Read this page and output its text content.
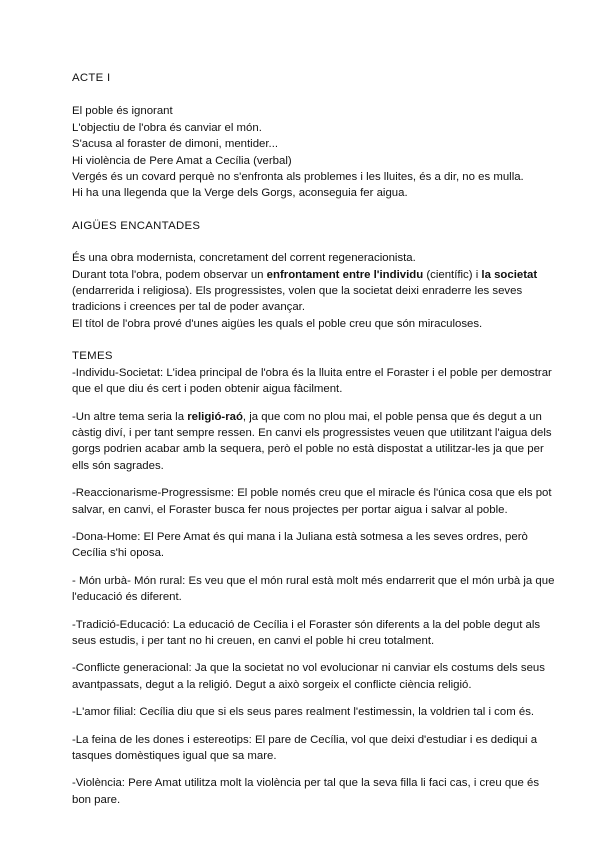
ACTE I
El poble és ignorant
L'objectiu de l'obra és canviar el món.
S'acusa al foraster de dimoni, mentider...
Hi violència de Pere Amat a Cecília (verbal)
Vergés és un covard perquè no s'enfronta als problemes i les lluites, és a dir, no es mulla.
Hi ha una llegenda que la Verge dels Gorgs, aconseguia fer aigua.
AIGÜES ENCANTADES
És una obra modernista, concretament del corrent regeneracionista.
Durant tota l'obra, podem observar un enfrontament entre l'individu (científic) i la societat (endarrerida i religiosa). Els progressistes, volen que la societat deixi enraderre les seves tradicions i creences per tal de poder avançar.
El títol de l'obra prové d'unes aigües les quals el poble creu que són miraculoses.
TEMES
-Individu-Societat: L'idea principal de l'obra és la lluita entre el Foraster i el poble per demostrar que el que diu és cert i poden obtenir aigua fàcilment.
-Un altre tema seria la religió-raó, ja que com no plou mai, el poble pensa que és degut a un càstig diví, i per tant sempre ressen. En canvi els progressistes veuen que utilitzant l'aigua dels gorgs podrien acabar amb la sequera, però el poble no està dispostat a utilitzar-les ja que per ells són sagrades.
-Reaccionarisme-Progressisme: El poble només creu que el miracle és l'única cosa que els pot salvar, en canvi, el Foraster busca fer nous projectes per portar aigua i salvar al poble.
-Dona-Home: El Pere Amat és qui mana i la Juliana està sotmesa a les seves ordres, però Cecília s'hi oposa.
- Món urbà- Món rural: Es veu que el món rural està molt més endarrerit que el món urbà ja que l'educació és diferent.
-Tradició-Educació: La educació de Cecília i el Foraster són diferents a la del poble degut als seus estudis, i per tant no hi creuen, en canvi el poble hi creu totalment.
-Conflicte generacional: Ja que la societat no vol evolucionar ni canviar els costums dels seus avantpassats, degut a la religió. Degut a això sorgeix el conflicte ciència religió.
-L'amor filial: Cecília diu que si els seus pares realment l'estimessin, la voldrien tal i com és.
-La feina de les dones i estereotips: El pare de Cecília, vol que deixi d'estudiar i es dediqui a tasques domèstiques igual que sa mare.
-Violència: Pere Amat utilitza molt la violència per tal que la seva filla li faci cas, i creu que és bon pare.
